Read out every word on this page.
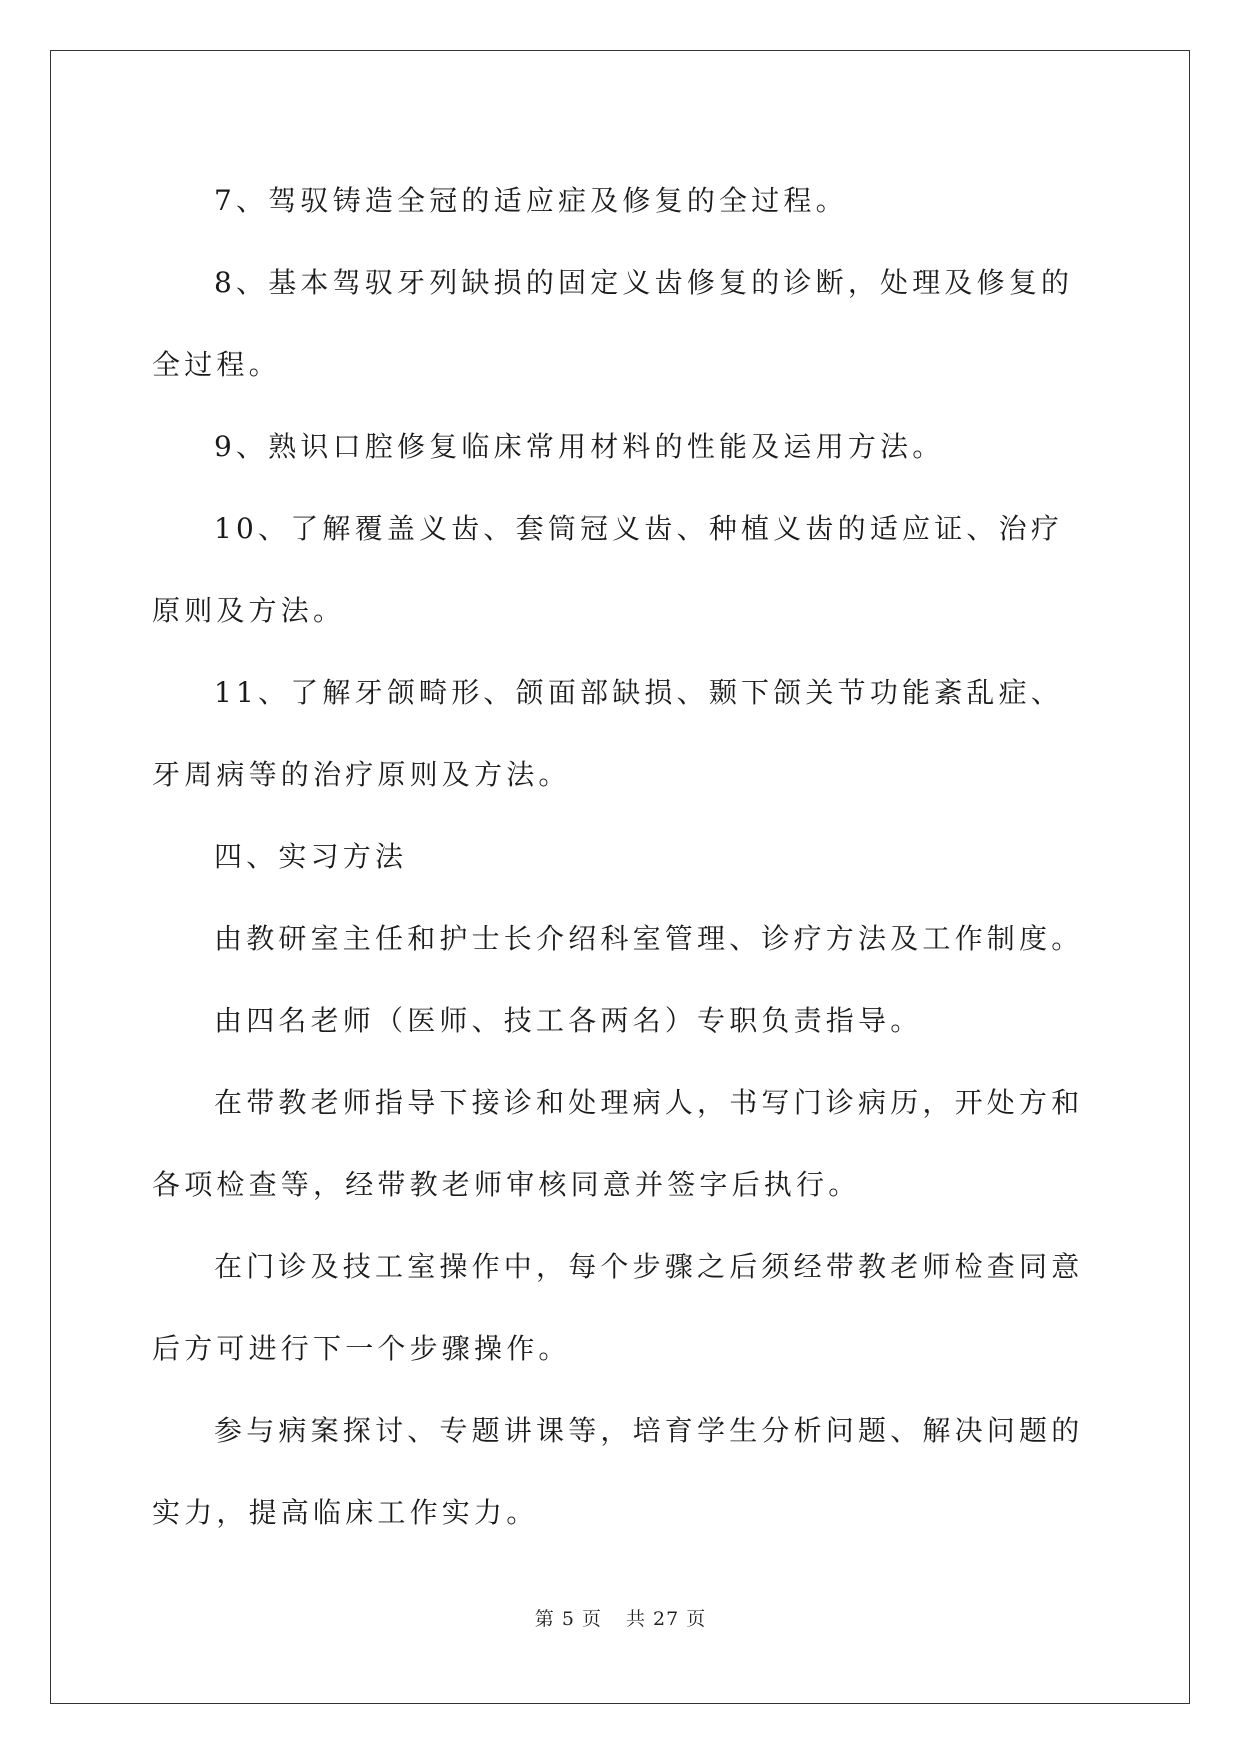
7、驾驭铸造全冠的适应症及修复的全过程。

8、基本驾驭牙列缺损的固定义齿修复的诊断，处理及修复的全过程。

9、熟识口腔修复临床常用材料的性能及运用方法。

10、了解覆盖义齿、套筒冠义齿、种植义齿的适应证、治疗原则及方法。

11、了解牙颌畸形、颌面部缺损、颞下颌关节功能紊乱症、牙周病等的治疗原则及方法。

四、实习方法

由教研室主任和护士长介绍科室管理、诊疗方法及工作制度。

由四名老师（医师、技工各两名）专职负责指导。

在带教老师指导下接诊和处理病人，书写门诊病历，开处方和各项检查等，经带教老师审核同意并签字后执行。

在门诊及技工室操作中，每个步骤之后须经带教老师检查同意后方可进行下一个步骤操作。

参与病案探讨、专题讲课等，培育学生分析问题、解决问题的实力，提高临床工作实力。

第 5 页 共 27 页
